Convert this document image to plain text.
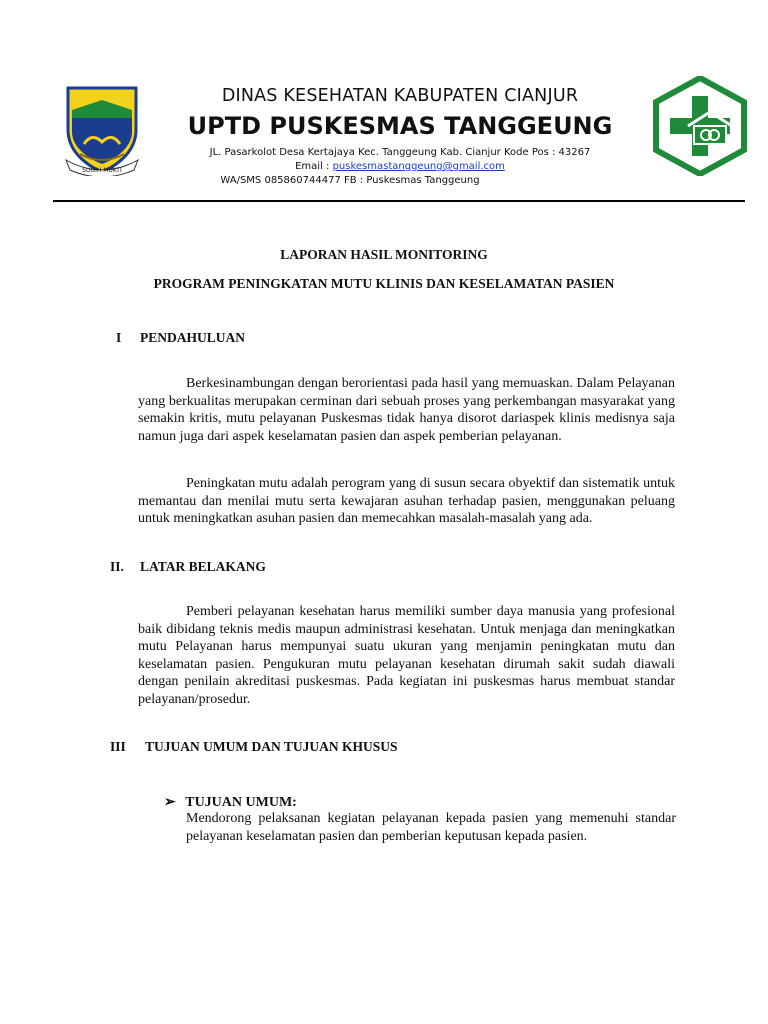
SUGIH MUKTI
DINAS KESEHATAN KABUPATEN CIANJUR
UPTD PUSKESMAS TANGGEUNG
JL. Pasarkolot Desa Kertajaya Kec. Tanggeung Kab. Cianjur Kode Pos : 43267
Email : puskesmastanggeung@gmail.com
WA/SMS 085860744477 FB : Puskesmas Tanggeung
LAPORAN HASIL MONITORING
PROGRAM PENINGKATAN MUTU KLINIS DAN KESELAMATAN PASIEN
I PENDAHULUAN
Berkesinambungan dengan berorientasi pada hasil yang memuaskan. Dalam Pelayanan yang berkualitas merupakan cerminan dari sebuah proses yang perkembangan masyarakat yang semakin kritis, mutu pelayanan Puskesmas tidak hanya disorot dariaspek klinis medisnya saja namun juga dari aspek keselamatan pasien dan aspek pemberian pelayanan.
Peningkatan mutu adalah perogram yang di susun secara obyektif dan sistematik untuk memantau dan menilai mutu serta kewajaran asuhan terhadap pasien, menggunakan peluang untuk meningkatkan asuhan pasien dan memecahkan masalah-masalah yang ada.
II. LATAR BELAKANG
Pemberi pelayanan kesehatan harus memiliki sumber daya manusia yang profesional baik dibidang teknis medis maupun administrasi kesehatan. Untuk menjaga dan meningkatkan mutu Pelayanan harus mempunyai suatu ukuran yang menjamin peningkatan mutu dan keselamatan pasien. Pengukuran mutu pelayanan kesehatan dirumah sakit sudah diawali dengan penilain akreditasi puskesmas. Pada kegiatan ini puskesmas harus membuat standar pelayanan/prosedur.
III TUJUAN UMUM DAN TUJUAN KHUSUS
➢ TUJUAN UMUM:
Mendorong pelaksanan kegiatan pelayanan kepada pasien yang memenuhi standar pelayanan keselamatan pasien dan pemberian keputusan kepada pasien.
